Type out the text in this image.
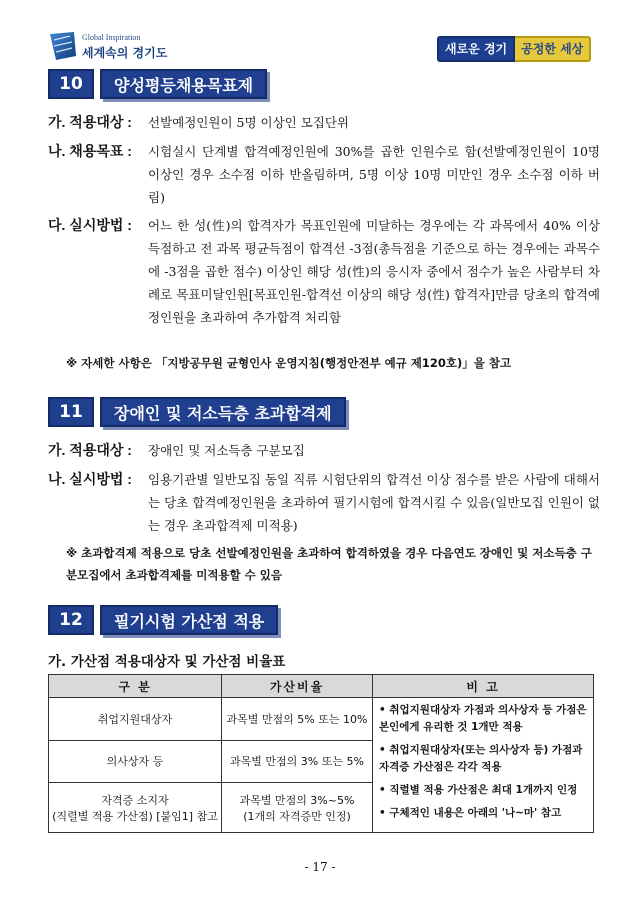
Global Inspiration
세계속의 경기도	새로운 경기	공정한 세상
10	양성평등채용목표제
가. 적용대상 : 선발예정인원이 5명 이상인 모집단위
나. 채용목표 : 시험실시 단계별 합격예정인원에 30%를 곱한 인원수로 함(선발예정인원이 10명 이상인 경우 소수점 이하 반올림하며, 5명 이상 10명 미만인 경우 소수점 이하 버림)
다. 실시방법 : 어느 한 성(性)의 합격자가 목표인원에 미달하는 경우에는 각 과목에서 40% 이상 득점하고 전 과목 평균득점이 합격선 -3점(총득점을 기준으로 하는 경우에는 과목수에 -3점을 곱한 점수) 이상인 해당 성(性)의 응시자 중에서 점수가 높은 사람부터 차례로 목표미달인원[목표인원-합격선 이상의 해당 성(性) 합격자]만큼 당초의 합격예정인원을 초과하여 추가합격 처리함
※ 자세한 사항은 「지방공무원 균형인사 운영지침(행정안전부 예규 제120호)」을 참고
11	장애인 및 저소득층 초과합격제
가. 적용대상 : 장애인 및 저소득층 구분모집
나. 실시방법 : 임용기관별 일반모집 동일 직류 시험단위의 합격선 이상 점수를 받은 사람에 대해서는 당초 합격예정인원을 초과하여 필기시험에 합격시킬 수 있음(일반모집 인원이 없는 경우 초과합격제 미적용)
※ 초과합격제 적용으로 당초 선발예정인원을 초과하여 합격하였을 경우 다음연도 장애인 및 저소득층 구분모집에서 초과합격제를 미적용할 수 있음
12	필기시험 가산점 적용
가. 가산점 적용대상자 및 가산점 비율표
구 분	가산비율	비 고
취업지원대상자	과목별 만점의 5% 또는 10%	• 취업지원대상자 가점과 의사상자 등 가점은 본인에게 유리한 것 1개만 적용
• 취업지원대상자(또는 의사상자 등) 가점과 자격증 가산점은 각각 적용
• 직렬별 적용 가산점은 최대 1개까지 인정
• 구체적인 내용은 아래의 '나~마' 참고

의사상자 등	과목별 만점의 3% 또는 5%	
자격증 소지자
(직렬별 적용 가산점) [붙임1] 참고	과목별 만점의 3%~5%
(1개의 자격증만 인정)	
- 17 -
